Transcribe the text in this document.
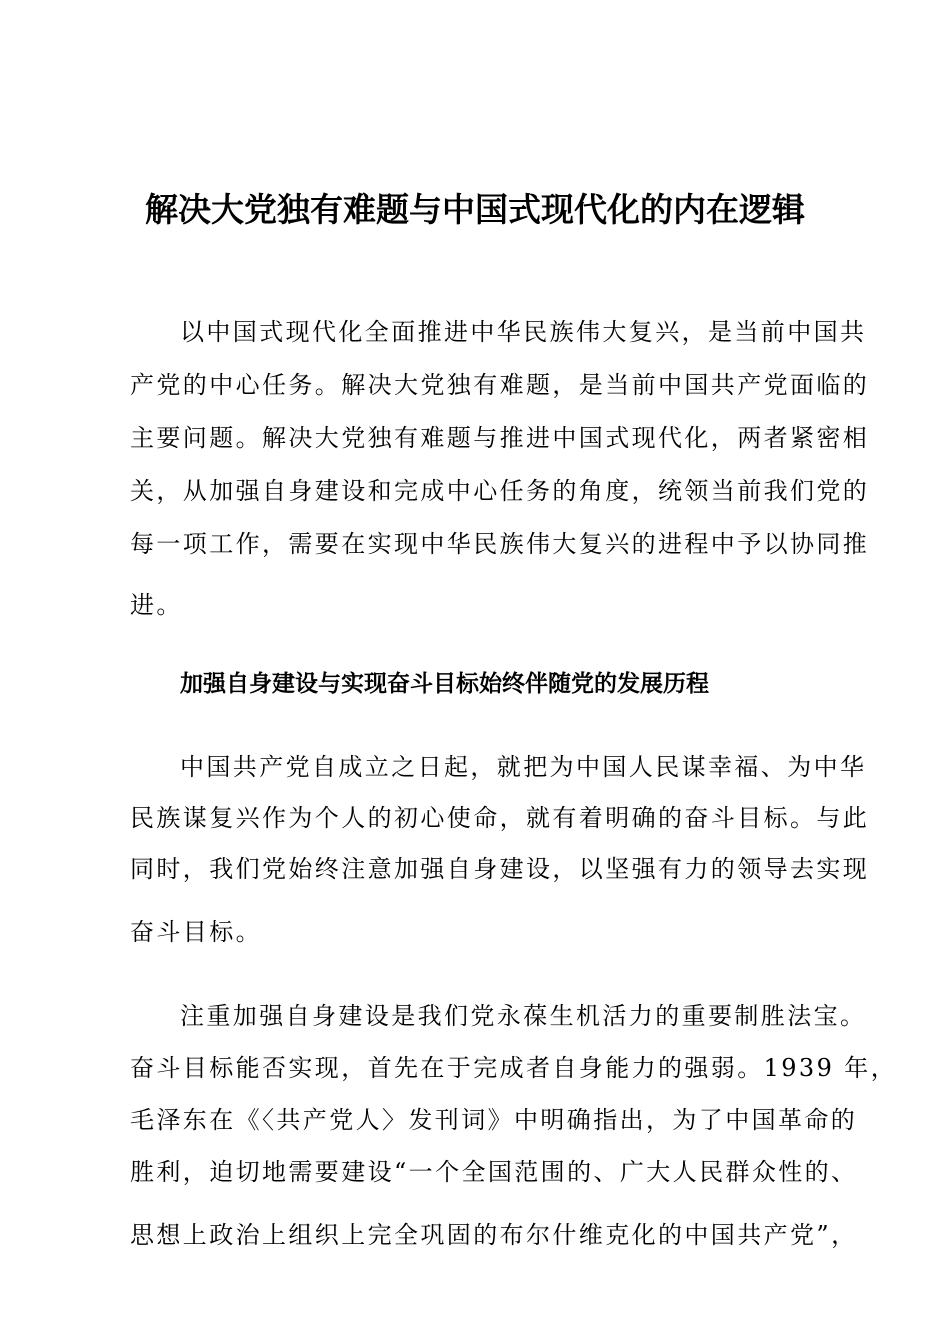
解决大党独有难题与中国式现代化的内在逻辑
以中国式现代化全面推进中华民族伟大复兴，是当前中国共
产党的中心任务。解决大党独有难题，是当前中国共产党面临的
主要问题。解决大党独有难题与推进中国式现代化，两者紧密相
关，从加强自身建设和完成中心任务的角度，统领当前我们党的
每一项工作，需要在实现中华民族伟大复兴的进程中予以协同推
进。
加强自身建设与实现奋斗目标始终伴随党的发展历程
中国共产党自成立之日起，就把为中国人民谋幸福、为中华
民族谋复兴作为个人的初心使命，就有着明确的奋斗目标。与此
同时，我们党始终注意加强自身建设，以坚强有力的领导去实现
奋斗目标。
注重加强自身建设是我们党永葆生机活力的重要制胜法宝。
奋斗目标能否实现，首先在于完成者自身能力的强弱。1939 年，
毛泽东在《〈共产党人〉发刊词》中明确指出，为了中国革命的
胜利，迫切地需要建设“一个全国范围的、广大人民群众性的、
思想上政治上组织上完全巩固的布尔什维克化的中国共产党”，
